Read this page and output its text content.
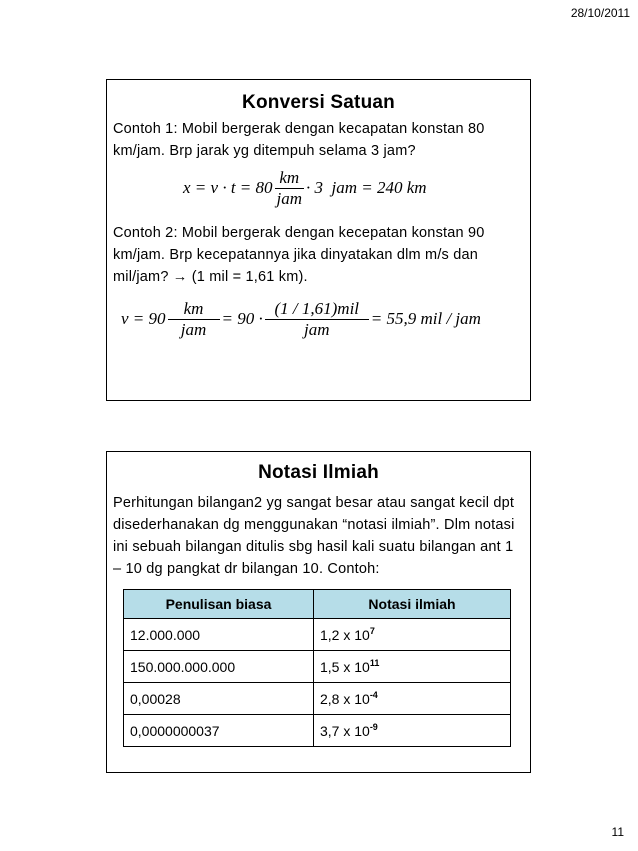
28/10/2011
Konversi Satuan
Contoh 1: Mobil bergerak dengan kecapatan konstan 80 km/jam. Brp jarak yg ditempuh selama 3 jam?
$x = v \cdot t = 80 \frac{km}{\text{jam}} \cdot 3$  jam = 240 km
Contoh 2: Mobil bergerak dengan kecepatan konstan 90 km/jam. Brp kecepatannya jika dinyatakan dlm m/s dan mil/jam? → (1 mil = 1,61 km).
$v = 90 \frac{km}{\text{jam}} = 90 \cdot \frac{\text{(1 / 1,61)mil}}{\text{jam}} = 55,9$ mil / jam
Notasi Ilmiah
Perhitungan bilangan2 yg sangat besar atau sangat kecil dpt disederhanakan dg menggunakan “notasi ilmiah”. Dlm notasi ini sebuah bilangan ditulis sbg hasil kali suatu bilangan ant 1 – 10 dg pangkat dr bilangan 10. Contoh:
Penulisan biasa	Notasi ilmiah
12.000.000	1,2 x $10^7$
150.000.000.000	1,5 x $10^{11}$
0,00028	2,8 x $10^{-4}$
0,0000000037	3,7 x $10^{-9}$
11
